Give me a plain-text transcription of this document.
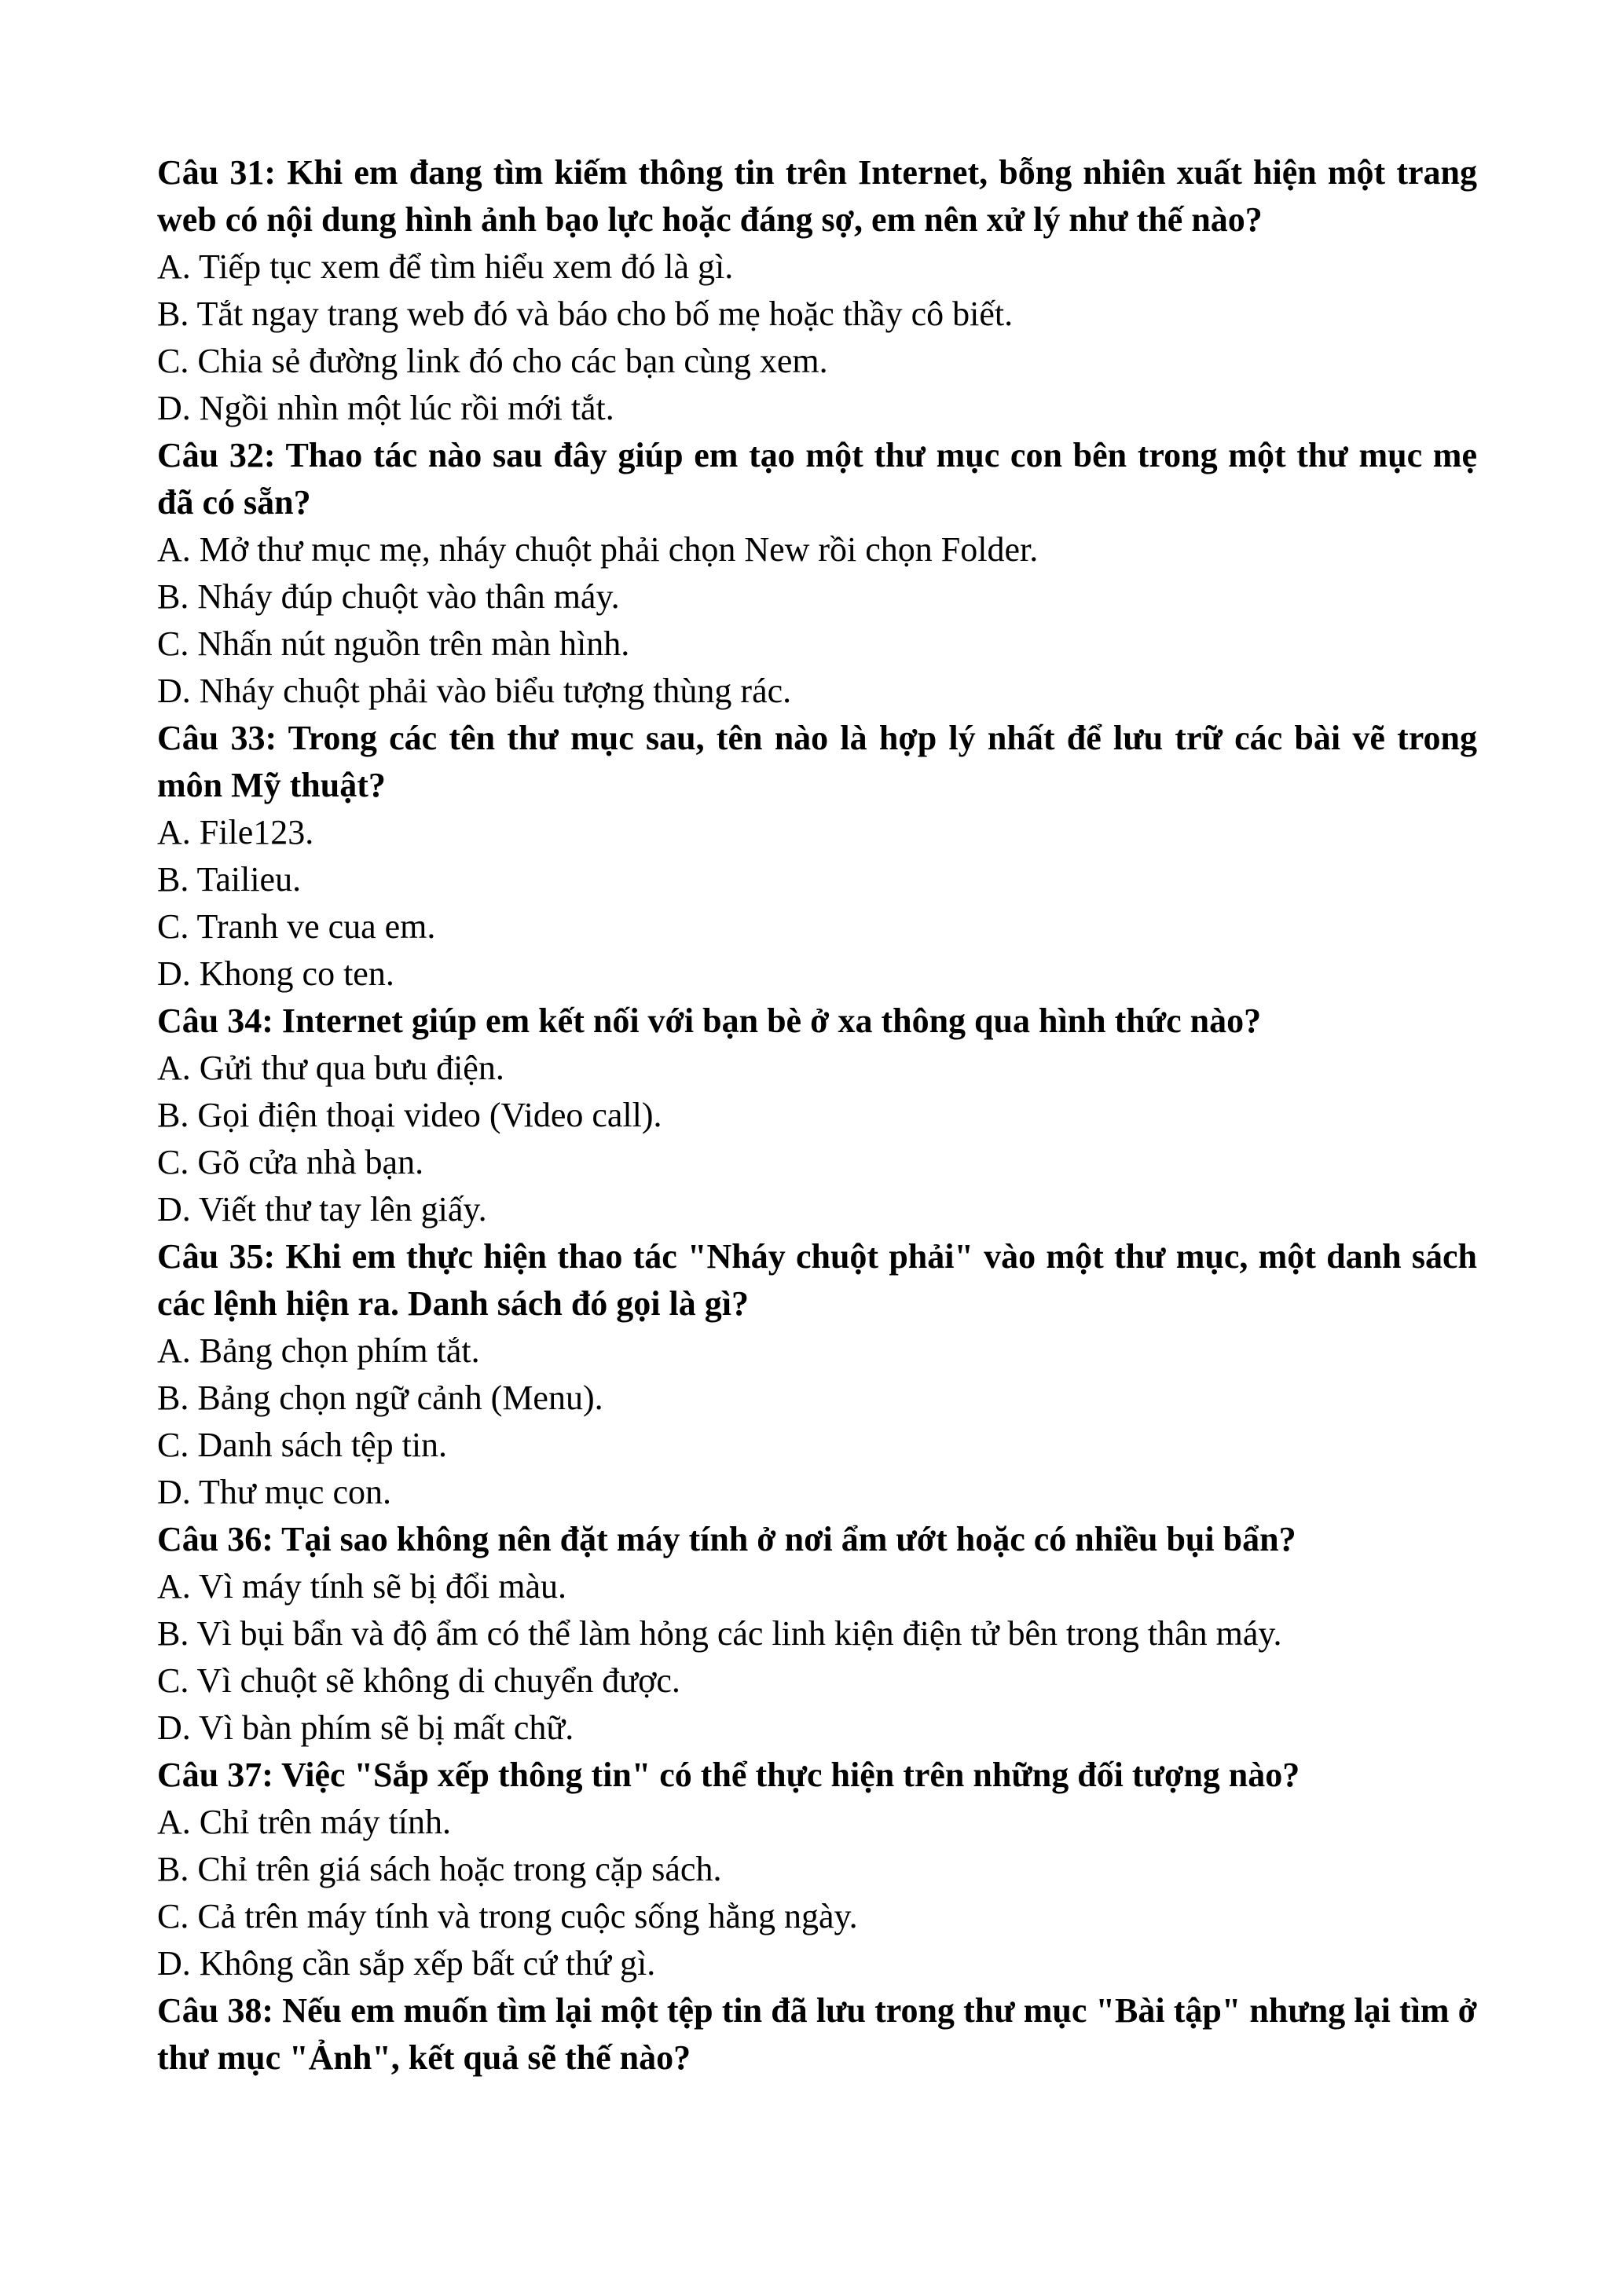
Câu 31: Khi em đang tìm kiếm thông tin trên Internet, bỗng nhiên xuất hiện một trang web có nội dung hình ảnh bạo lực hoặc đáng sợ, em nên xử lý như thế nào?

A. Tiếp tục xem để tìm hiểu xem đó là gì.

B. Tắt ngay trang web đó và báo cho bố mẹ hoặc thầy cô biết.

C. Chia sẻ đường link đó cho các bạn cùng xem.

D. Ngồi nhìn một lúc rồi mới tắt.

Câu 32: Thao tác nào sau đây giúp em tạo một thư mục con bên trong một thư mục mẹ đã có sẵn?

A. Mở thư mục mẹ, nháy chuột phải chọn New rồi chọn Folder.

B. Nháy đúp chuột vào thân máy.

C. Nhấn nút nguồn trên màn hình.

D. Nháy chuột phải vào biểu tượng thùng rác.

Câu 33: Trong các tên thư mục sau, tên nào là hợp lý nhất để lưu trữ các bài vẽ trong môn Mỹ thuật?

A. File123.

B. Tailieu.

C. Tranh ve cua em.

D. Khong co ten.

Câu 34: Internet giúp em kết nối với bạn bè ở xa thông qua hình thức nào?

A. Gửi thư qua bưu điện.

B. Gọi điện thoại video (Video call).

C. Gõ cửa nhà bạn.

D. Viết thư tay lên giấy.

Câu 35: Khi em thực hiện thao tác "Nháy chuột phải" vào một thư mục, một danh sách các lệnh hiện ra. Danh sách đó gọi là gì?

A. Bảng chọn phím tắt.

B. Bảng chọn ngữ cảnh (Menu).

C. Danh sách tệp tin.

D. Thư mục con.

Câu 36: Tại sao không nên đặt máy tính ở nơi ẩm ướt hoặc có nhiều bụi bẩn?

A. Vì máy tính sẽ bị đổi màu.

B. Vì bụi bẩn và độ ẩm có thể làm hỏng các linh kiện điện tử bên trong thân máy.

C. Vì chuột sẽ không di chuyển được.

D. Vì bàn phím sẽ bị mất chữ.

Câu 37: Việc "Sắp xếp thông tin" có thể thực hiện trên những đối tượng nào?

A. Chỉ trên máy tính.

B. Chỉ trên giá sách hoặc trong cặp sách.

C. Cả trên máy tính và trong cuộc sống hằng ngày.

D. Không cần sắp xếp bất cứ thứ gì.

Câu 38: Nếu em muốn tìm lại một tệp tin đã lưu trong thư mục "Bài tập" nhưng lại tìm ở thư mục "Ảnh", kết quả sẽ thế nào?
